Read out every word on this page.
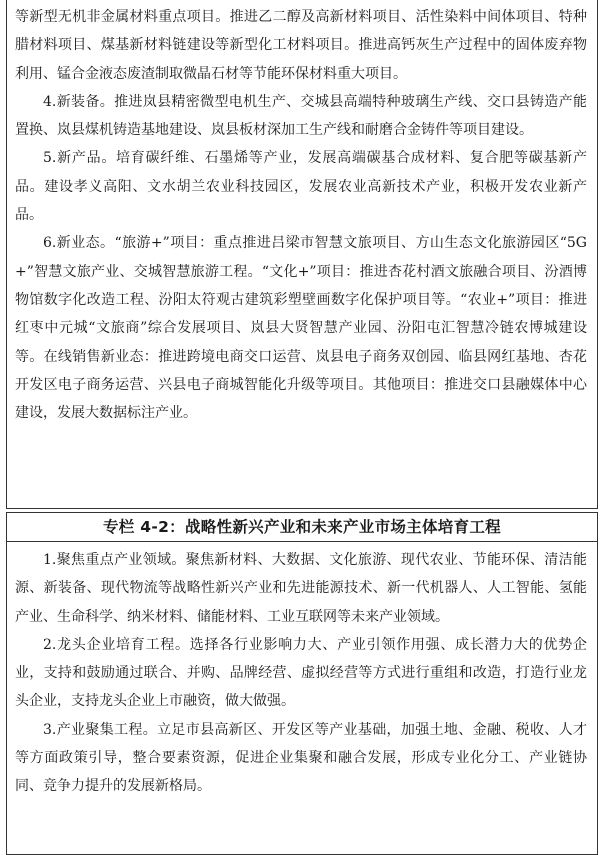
等新型无机非金属材料重点项目。推进乙二醇及高新材料项目、活性染料中间体项目、特种腊材料项目、煤基新材料链建设等新型化工材料项目。推进高钙灰生产过程中的固体废弃物利用、锰合金液态废渣制取微晶石材等节能环保材料重大项目。

4.新装备。推进岚县精密微型电机生产、交城县高端特种玻璃生产线、交口县铸造产能置换、岚县煤机铸造基地建设、岚县板材深加工生产线和耐磨合金铸件等项目建设。

5.新产品。培育碳纤维、石墨烯等产业，发展高端碳基合成材料、复合肥等碳基新产品。建设孝义高阳、文水胡兰农业科技园区，发展农业高新技术产业，积极开发农业新产品。

6.新业态。“旅游+”项目：重点推进吕梁市智慧文旅项目、方山生态文化旅游园区“5G+”智慧文旅产业、交城智慧旅游工程。“文化+”项目：推进杏花村酒文旅融合项目、汾酒博物馆数字化改造工程、汾阳太符观古建筑彩塑壁画数字化保护项目等。“农业+”项目：推进红枣中元城“文旅商”综合发展项目、岚县大贤智慧产业园、汾阳屯汇智慧冷链农博城建设等。在线销售新业态：推进跨境电商交口运营、岚县电子商务双创园、临县网红基地、杏花开发区电子商务运营、兴县电子商城智能化升级等项目。其他项目：推进交口县融媒体中心建设，发展大数据标注产业。

专栏 4-2：战略性新兴产业和未来产业市场主体培育工程

1.聚焦重点产业领域。聚焦新材料、大数据、文化旅游、现代农业、节能环保、清洁能源、新装备、现代物流等战略性新兴产业和先进能源技术、新一代机器人、人工智能、氢能产业、生命科学、纳米材料、储能材料、工业互联网等未来产业领域。

2.龙头企业培育工程。选择各行业影响力大、产业引领作用强、成长潜力大的优势企业，支持和鼓励通过联合、并购、品牌经营、虚拟经营等方式进行重组和改造，打造行业龙头企业，支持龙头企业上市融资，做大做强。

3.产业聚集工程。立足市县高新区、开发区等产业基础，加强土地、金融、税收、人才等方面政策引导，整合要素资源，促进企业集聚和融合发展，形成专业化分工、产业链协同、竞争力提升的发展新格局。
